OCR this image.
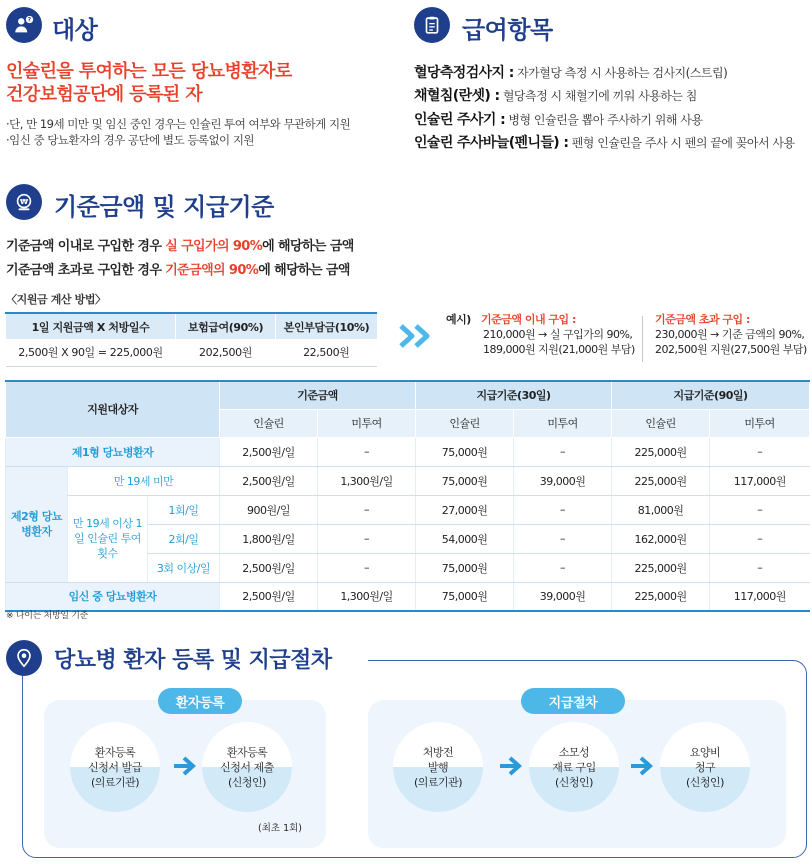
? 대상
인슐린을 투여하는 모든 당뇨병환자로
건강보험공단에 등록된 자
·단, 만 19세 미만 및 임신 중인 경우는 인슐린 투여 여부와 무관하게 지원
·임신 중 당뇨환자의 경우 공단에 별도 등록없이 지원
급여항목
혈당측정검사지 : 자가혈당 측정 시 사용하는 검사지(스트립)
채혈침(란셋) : 혈당측정 시 채혈기에 끼워 사용하는 침
인슐린 주사기 : 병형 인슐린을 뽑아 주사하기 위해 사용
인슐린 주사바늘(펜니들) : 펜형 인슐린을 주사 시 펜의 끝에 꽂아서 사용
₩ 기준금액 및 지급기준
기준금액 이내로 구입한 경우 실 구입가의 90%에 해당하는 금액
기준금액 초과로 구입한 경우 기준금액의 90%에 해당하는 금액
〈지원금 계산 방법〉
1일 지원금액 X 처방일수	보험급여(90%)	본인부담금(10%)
2,500원 X 90일 = 225,000원	202,500원	22,500원
예시) 기준금액 이내 구입 :
210,000원 → 실 구입가의 90%,
189,000원 지원(21,000원 부담)
기준금액 초과 구입 :
230,000원 → 기준 금액의 90%,
202,500원 지원(27,500원 부담)
지원대상자			기준금액		지급기준(30일)		지급기준(90일)	
			인슐린	미투여	인슐린	미투여	인슐린	미투여
제1형 당뇨병환자			2,500원/일	–	75,000원	–	225,000원	–
제2형 당뇨병환자	만 19세 미만		2,500원/일	1,300원/일	75,000원	39,000원	225,000원	117,000원
	만 19세 이상 1일 인슐린 투여횟수	1회/일	900원/일	–	27,000원	–	81,000원	–
		2회/일	1,800원/일	–	54,000원	–	162,000원	–
		3회 이상/일	2,500원/일	–	75,000원	–	225,000원	–
임신 중 당뇨병환자			2,500원/일	1,300원/일	75,000원	39,000원	225,000원	117,000원
※ 나이는 처방일 기준
당뇨병 환자 등록 및 지급절차
환자등록	지급절차
환자등록
신청서 발급
(의료기관)
환자등록
신청서 제출
(신청인)
(최초 1회)
처방전
발행
(의료기관)
소모성
재료 구입
(신청인)
요양비
청구
(신청인)
